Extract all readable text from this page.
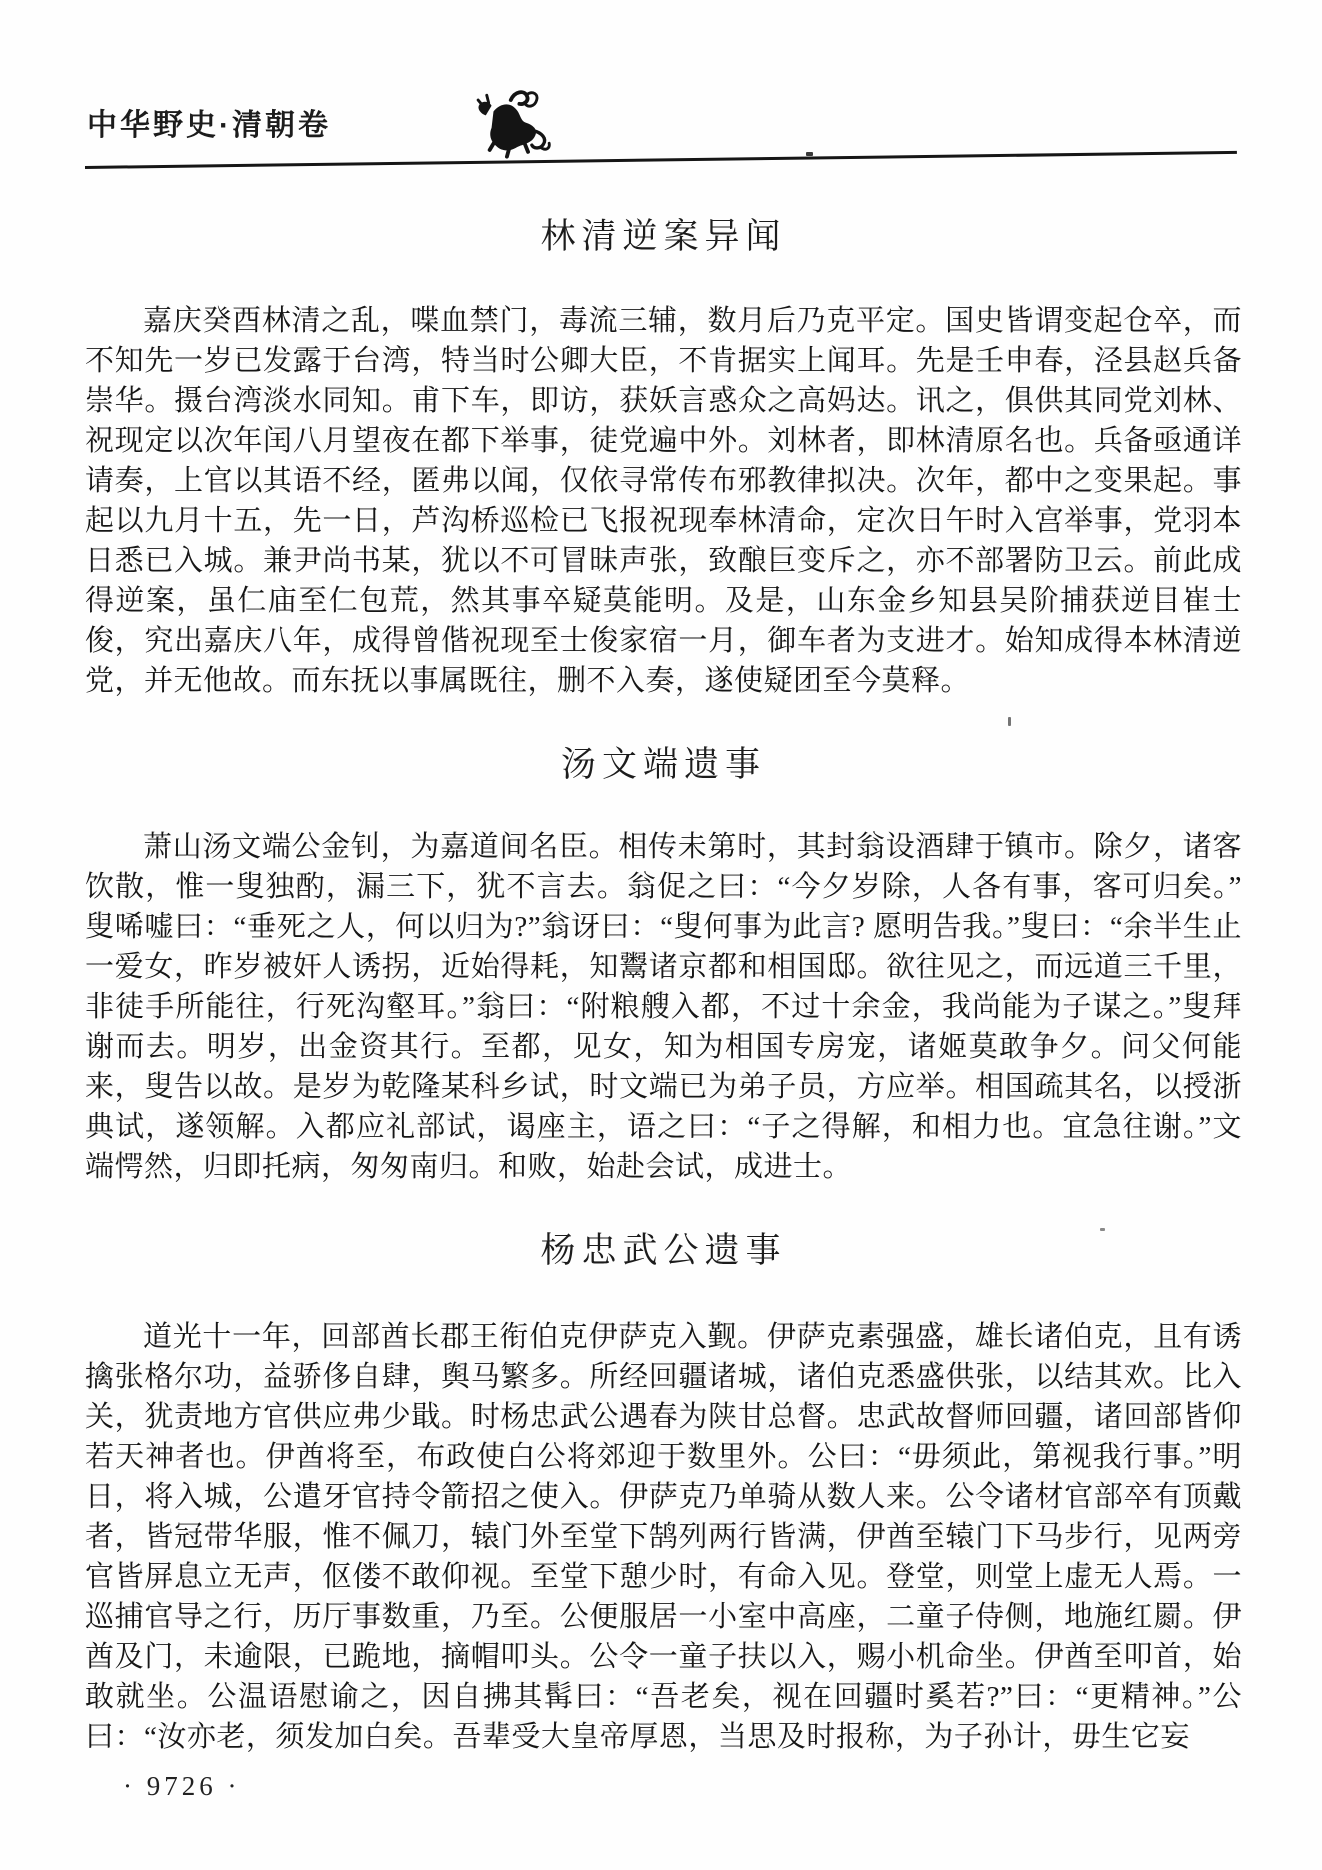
中华野史·清朝卷
林清逆案异闻

嘉庆癸酉林清之乱，喋血禁门，毒流三辅，数月后乃克平定。国史皆谓变起仓卒，而不知先一岁已发露于台湾，特当时公卿大臣，不肯据实上闻耳。先是壬申春，泾县赵兵备崇华。摄台湾淡水同知。甫下车，即访，获妖言惑众之高妈达。讯之，俱供其同党刘林、祝现定以次年闰八月望夜在都下举事，徒党遍中外。刘林者，即林清原名也。兵备亟通详请奏，上官以其语不经，匿弗以闻，仅依寻常传布邪教律拟决。次年，都中之变果起。事起以九月十五，先一日，芦沟桥巡检已飞报祝现奉林清命，定次日午时入宫举事，党羽本日悉已入城。兼尹尚书某，犹以不可冒昧声张，致酿巨变斥之，亦不部署防卫云。前此成得逆案，虽仁庙至仁包荒，然其事卒疑莫能明。及是，山东金乡知县吴阶捕获逆目崔士俊，究出嘉庆八年，成得曾偕祝现至士俊家宿一月，御车者为支进才。始知成得本林清逆党，并无他故。而东抚以事属既往，删不入奏，遂使疑团至今莫释。

汤文端遗事

萧山汤文端公金钊，为嘉道间名臣。相传未第时，其封翁设酒肆于镇市。除夕，诸客饮散，惟一叟独酌，漏三下，犹不言去。翁促之曰：“今夕岁除，人各有事，客可归矣。”叟唏嘘曰：“垂死之人，何以归为?”翁讶曰：“叟何事为此言? 愿明告我。”叟曰：“余半生止一爱女，昨岁被奸人诱拐，近始得耗，知鬻诸京都和相国邸。欲往见之，而远道三千里，非徒手所能往，行死沟壑耳。”翁曰：“附粮艘入都，不过十余金，我尚能为子谋之。”叟拜谢而去。明岁，出金资其行。至都，见女，知为相国专房宠，诸姬莫敢争夕。问父何能来，叟告以故。是岁为乾隆某科乡试，时文端已为弟子员，方应举。相国疏其名，以授浙典试，遂领解。入都应礼部试，谒座主，语之曰：“子之得解，和相力也。宜急往谢。”文端愕然，归即托病，匆匆南归。和败，始赴会试，成进士。

杨忠武公遗事

道光十一年，回部酋长郡王衔伯克伊萨克入觐。伊萨克素强盛，雄长诸伯克，且有诱擒张格尔功，益骄侈自肆，舆马繁多。所经回疆诸城，诸伯克悉盛供张，以结其欢。比入关，犹责地方官供应弗少戢。时杨忠武公遇春为陕甘总督。忠武故督师回疆，诸回部皆仰若天神者也。伊酋将至，布政使白公将郊迎于数里外。公曰：“毋须此，第视我行事。”明日，将入城，公遣牙官持令箭招之使入。伊萨克乃单骑从数人来。公令诸材官部卒有顶戴者，皆冠带华服，惟不佩刀，辕门外至堂下鹄列两行皆满，伊酋至辕门下马步行，见两旁官皆屏息立无声，伛偻不敢仰视。至堂下憩少时，有命入见。登堂，则堂上虚无人焉。一巡捕官导之行，历厅事数重，乃至。公便服居一小室中高座，二童子侍侧，地施红罽。伊酋及门，未逾限，已跪地，摘帽叩头。公令一童子扶以入，赐小机命坐。伊酋至叩首，始敢就坐。公温语慰谕之，因自拂其髯曰：“吾老矣，视在回疆时奚若?”曰：“更精神。”公曰：“汝亦老，须发加白矣。吾辈受大皇帝厚恩，当思及时报称，为子孙计，毋生它妄

· 9726 ·
